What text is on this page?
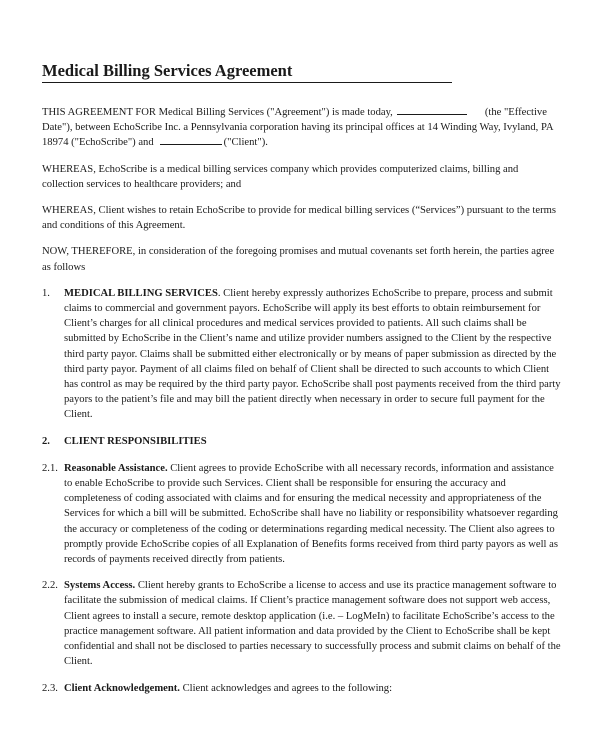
Medical Billing Services Agreement

THIS AGREEMENT FOR Medical Billing Services ("Agreement") is made today,	(the "Effective Date"), between EchoScribe Inc. a Pennsylvania corporation having its principal offices at 14 Winding Way, Ivyland, PA 18974 ("EchoScribe") and	("Client").

WHEREAS, EchoScribe is a medical billing services company which provides computerized claims, billing and collection services to healthcare providers; and

WHEREAS, Client wishes to retain EchoScribe to provide for medical billing services (“Services”) pursuant to the terms and conditions of this Agreement.

NOW, THEREFORE, in consideration of the foregoing promises and mutual covenants set forth herein, the parties agree as follows

1.	MEDICAL BILLING SERVICES. Client hereby expressly authorizes EchoScribe to prepare, process and submit claims to commercial and government payors. EchoScribe will apply its best efforts to obtain reimbursement for Client’s charges for all clinical procedures and medical services provided to patients. All such claims shall be submitted by EchoScribe in the Client’s name and utilize provider numbers assigned to the Client by the respective third party payor. Claims shall be submitted either electronically or by means of paper submission as directed by the third party payor. Payment of all claims filed on behalf of Client shall be directed to such accounts to which Client has control as may be required by the third party payor. EchoScribe shall post payments received from the third party payors to the patient’s file and may bill the patient directly when necessary in order to secure full payment for the Client.
2.	CLIENT RESPONSIBILITIES
2.1. Reasonable Assistance. Client agrees to provide EchoScribe with all necessary records, information and assistance to enable EchoScribe to provide such Services. Client shall be responsible for ensuring the accuracy and completeness of coding associated with claims and for ensuring the medical necessity and appropriateness of the Services for which a bill will be submitted. EchoScribe shall have no liability or responsibility whatsoever regarding the accuracy or completeness of the coding or determinations regarding medical necessity. The Client also agrees to promptly provide EchoScribe copies of all Explanation of Benefits forms received from third party payors as well as records of payments received directly from patients.
2.2. Systems Access. Client hereby grants to EchoScribe a license to access and use its practice management software to facilitate the submission of medical claims. If Client’s practice management software does not support web access, Client agrees to install a secure, remote desktop application (i.e. – LogMeIn) to facilitate EchoScribe’s access to the practice management software. All patient information and data provided by the Client to EchoScribe shall be kept confidential and shall not be disclosed to parties necessary to successfully process and submit claims on behalf of the Client.
2.3. Client Acknowledgement. Client acknowledges and agrees to the following:
